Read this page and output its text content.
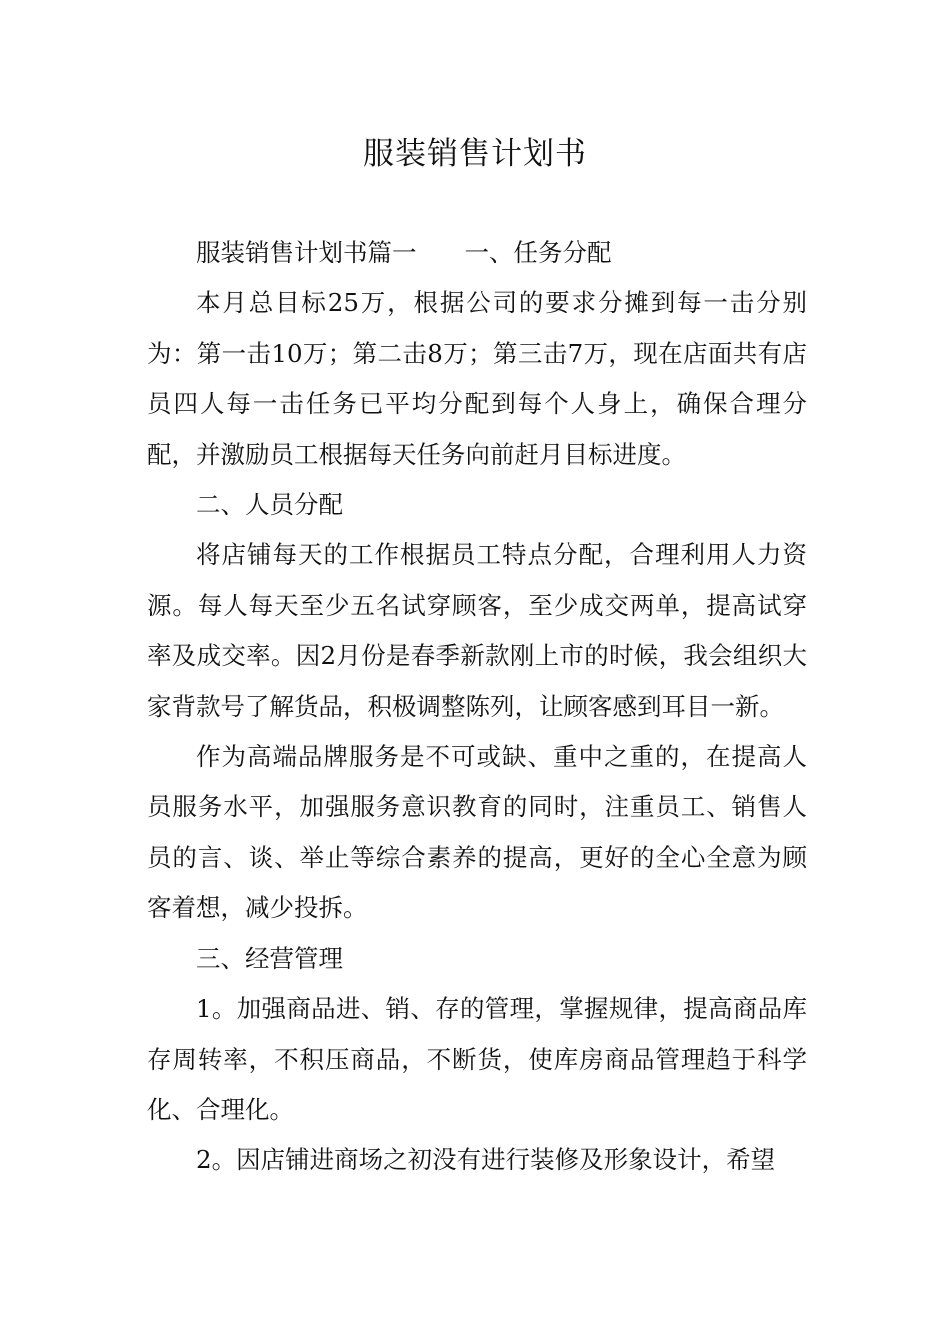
服装销售计划书

服装销售计划书篇一 一、任务分配

本月总目标25万，根据公司的要求分摊到每一击分别为：第一击10万；第二击8万；第三击7万，现在店面共有店员四人每一击任务已平均分配到每个人身上，确保合理分配，并激励员工根据每天任务向前赶月目标进度。

二、人员分配

将店铺每天的工作根据员工特点分配，合理利用人力资源。每人每天至少五名试穿顾客，至少成交两单，提高试穿率及成交率。因2月份是春季新款刚上市的时候，我会组织大家背款号了解货品，积极调整陈列，让顾客感到耳目一新。

作为高端品牌服务是不可或缺、重中之重的，在提高人员服务水平，加强服务意识教育的同时，注重员工、销售人员的言、谈、举止等综合素养的提高，更好的全心全意为顾客着想，减少投拆。

三、经营管理

1。加强商品进、销、存的管理，掌握规律，提高商品库存周转率，不积压商品，不断货，使库房商品管理趋于科学化、合理化。

2。因店铺进商场之初没有进行装修及形象设计，希望
